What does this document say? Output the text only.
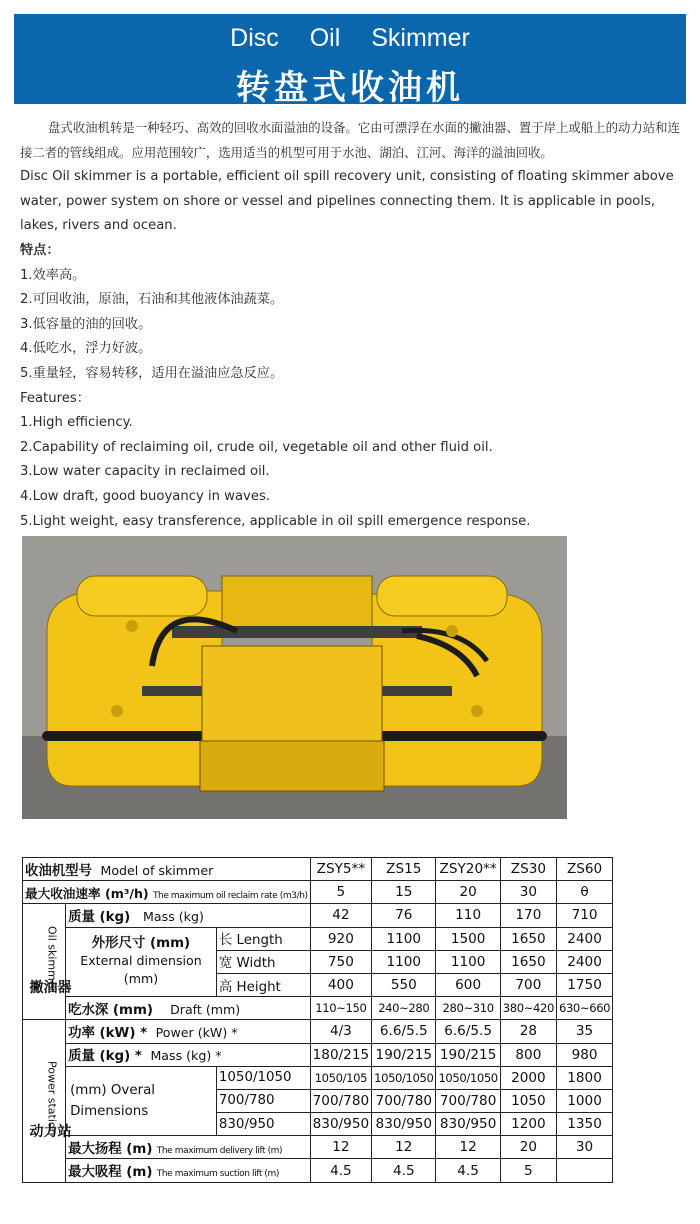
Disc Oil Skimmer
转盘式收油机

盘式收油机转是一种轻巧、高效的回收水面溢油的设备。它由可漂浮在水面的撇油器、置于岸上或船上的动力站和连接二者的管线组成。应用范围较广，选用适当的机型可用于水池、湖泊、江河、海洋的溢油回收。

Disc Oil skimmer is a portable, efficient oil spill recovery unit, consisting of floating skimmer above water, power system on shore or vessel and pipelines connecting them. It is applicable in pools, lakes, rivers and ocean.

特点：

1.效率高。

2.可回收油，原油，石油和其他液体油蔬菜。

3.低容量的油的回收。

4.低吃水，浮力好波。

5.重量轻，容易转移，适用在溢油应急反应。

Features：

1.High efficiency.

2.Capability of reclaiming oil, crude oil, vegetable oil and other fluid oil.

3.Low water capacity in reclaimed oil.

4.Low draft, good buoyancy in waves.

5.Light weight, easy transference, applicable in oil spill emergence response.

收油机型号 Model of skimmer			ZSY5**	ZS15	ZSY20**	ZS30	ZS60
最大收油速率 (m³/h) The maximum oil reclaim rate (m3/h)			5	15	20	30	θ
撇油器Oil skimmer	质量 (kg) Mass (kg)		42	76	110	170	710
	外形尺寸 (mm)
External dimension (mm)	长 Length	920	1100	1500	1650	2400
		宽 Width	750	1100	1100	1650	2400
		高 Height	400	550	600	700	1750
	吃水深 (mm) Draft (mm)		110~150	240~280	280~310	380~420	630~660
动力站Power station	功率 (kW) * Power (kW) *		4/3	6.6/5.5	6.6/5.5	28	35
	质量 (kg) * Mass (kg) *		180/215	190/215	190/215	800	980
	(mm) Overal Dimensions	1050/1050	1050/105	1050/1050	1050/1050	2000	1800
		700/780	700/780	700/780	700/780	1050	1000
		830/950	830/950	830/950	830/950	1200	1350
	最大扬程 (m) The maximum delivery lift (m)		12	12	12	20	30
	最大吸程 (m) The maximum suction lift (m)		4.5	4.5	4.5	5	
